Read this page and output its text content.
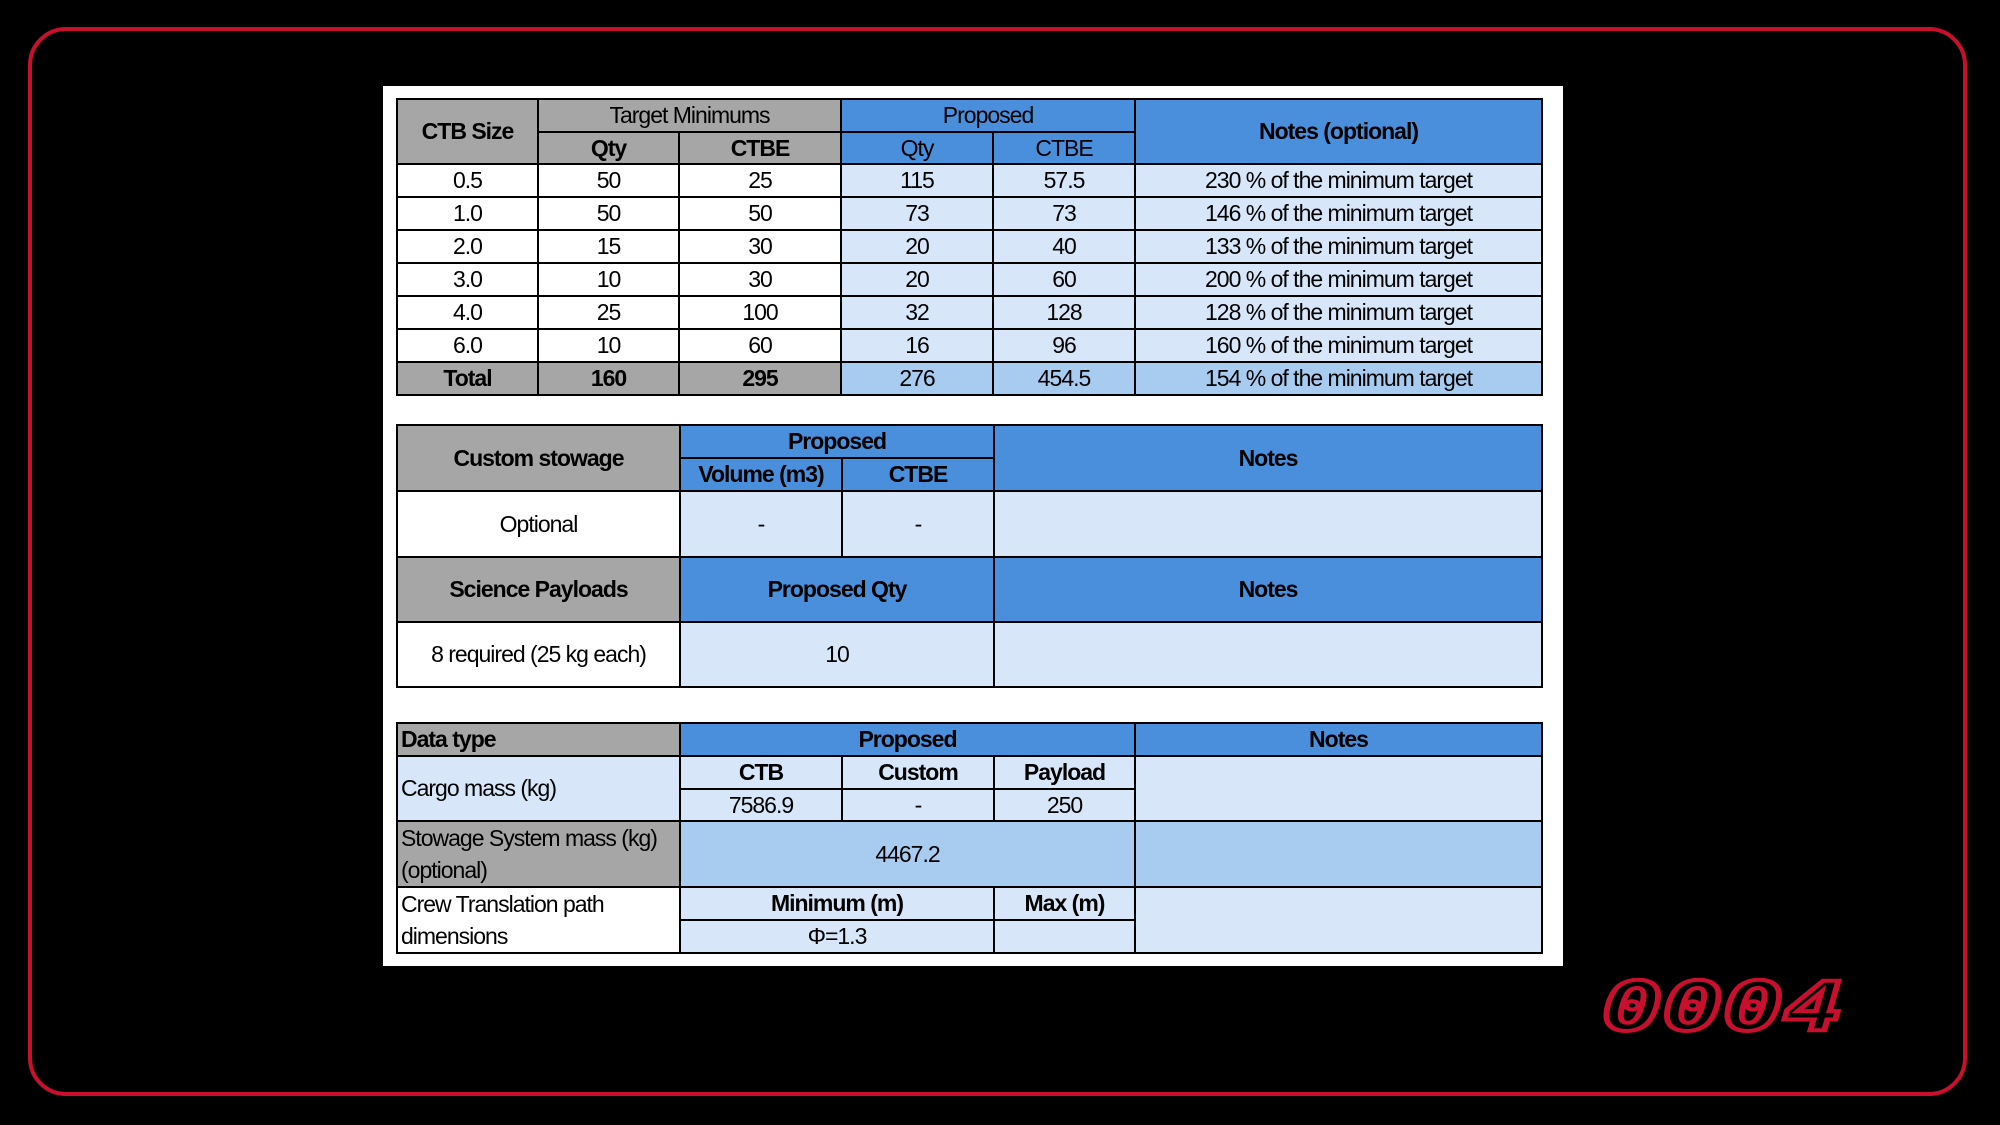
CTB Size	Target Minimums		Proposed		Notes (optional)
	Qty	CTBE	Qty	CTBE	
0.5	50	25	115	57.5	230 % of the minimum target
1.0	50	50	73	73	146 % of the minimum target
2.0	15	30	20	40	133 % of the minimum target
3.0	10	30	20	60	200 % of the minimum target
4.0	25	100	32	128	128 % of the minimum target
6.0	10	60	16	96	160 % of the minimum target
Total	160	295	276	454.5	154 % of the minimum target
Custom stowage	Proposed		Notes
	Volume (m3)	CTBE	
Optional	-	-	
Science Payloads	Proposed Qty		Notes
8 required (25 kg each)	10		
Data type	Proposed			Notes
Cargo mass (kg)	CTB	Custom	Payload	
	7586.9	-	250	
Stowage System mass (kg) (optional)	4467.2			
Crew Translation path dimensions	Minimum (m)		Max (m)	
	Φ=1.3			
0004
